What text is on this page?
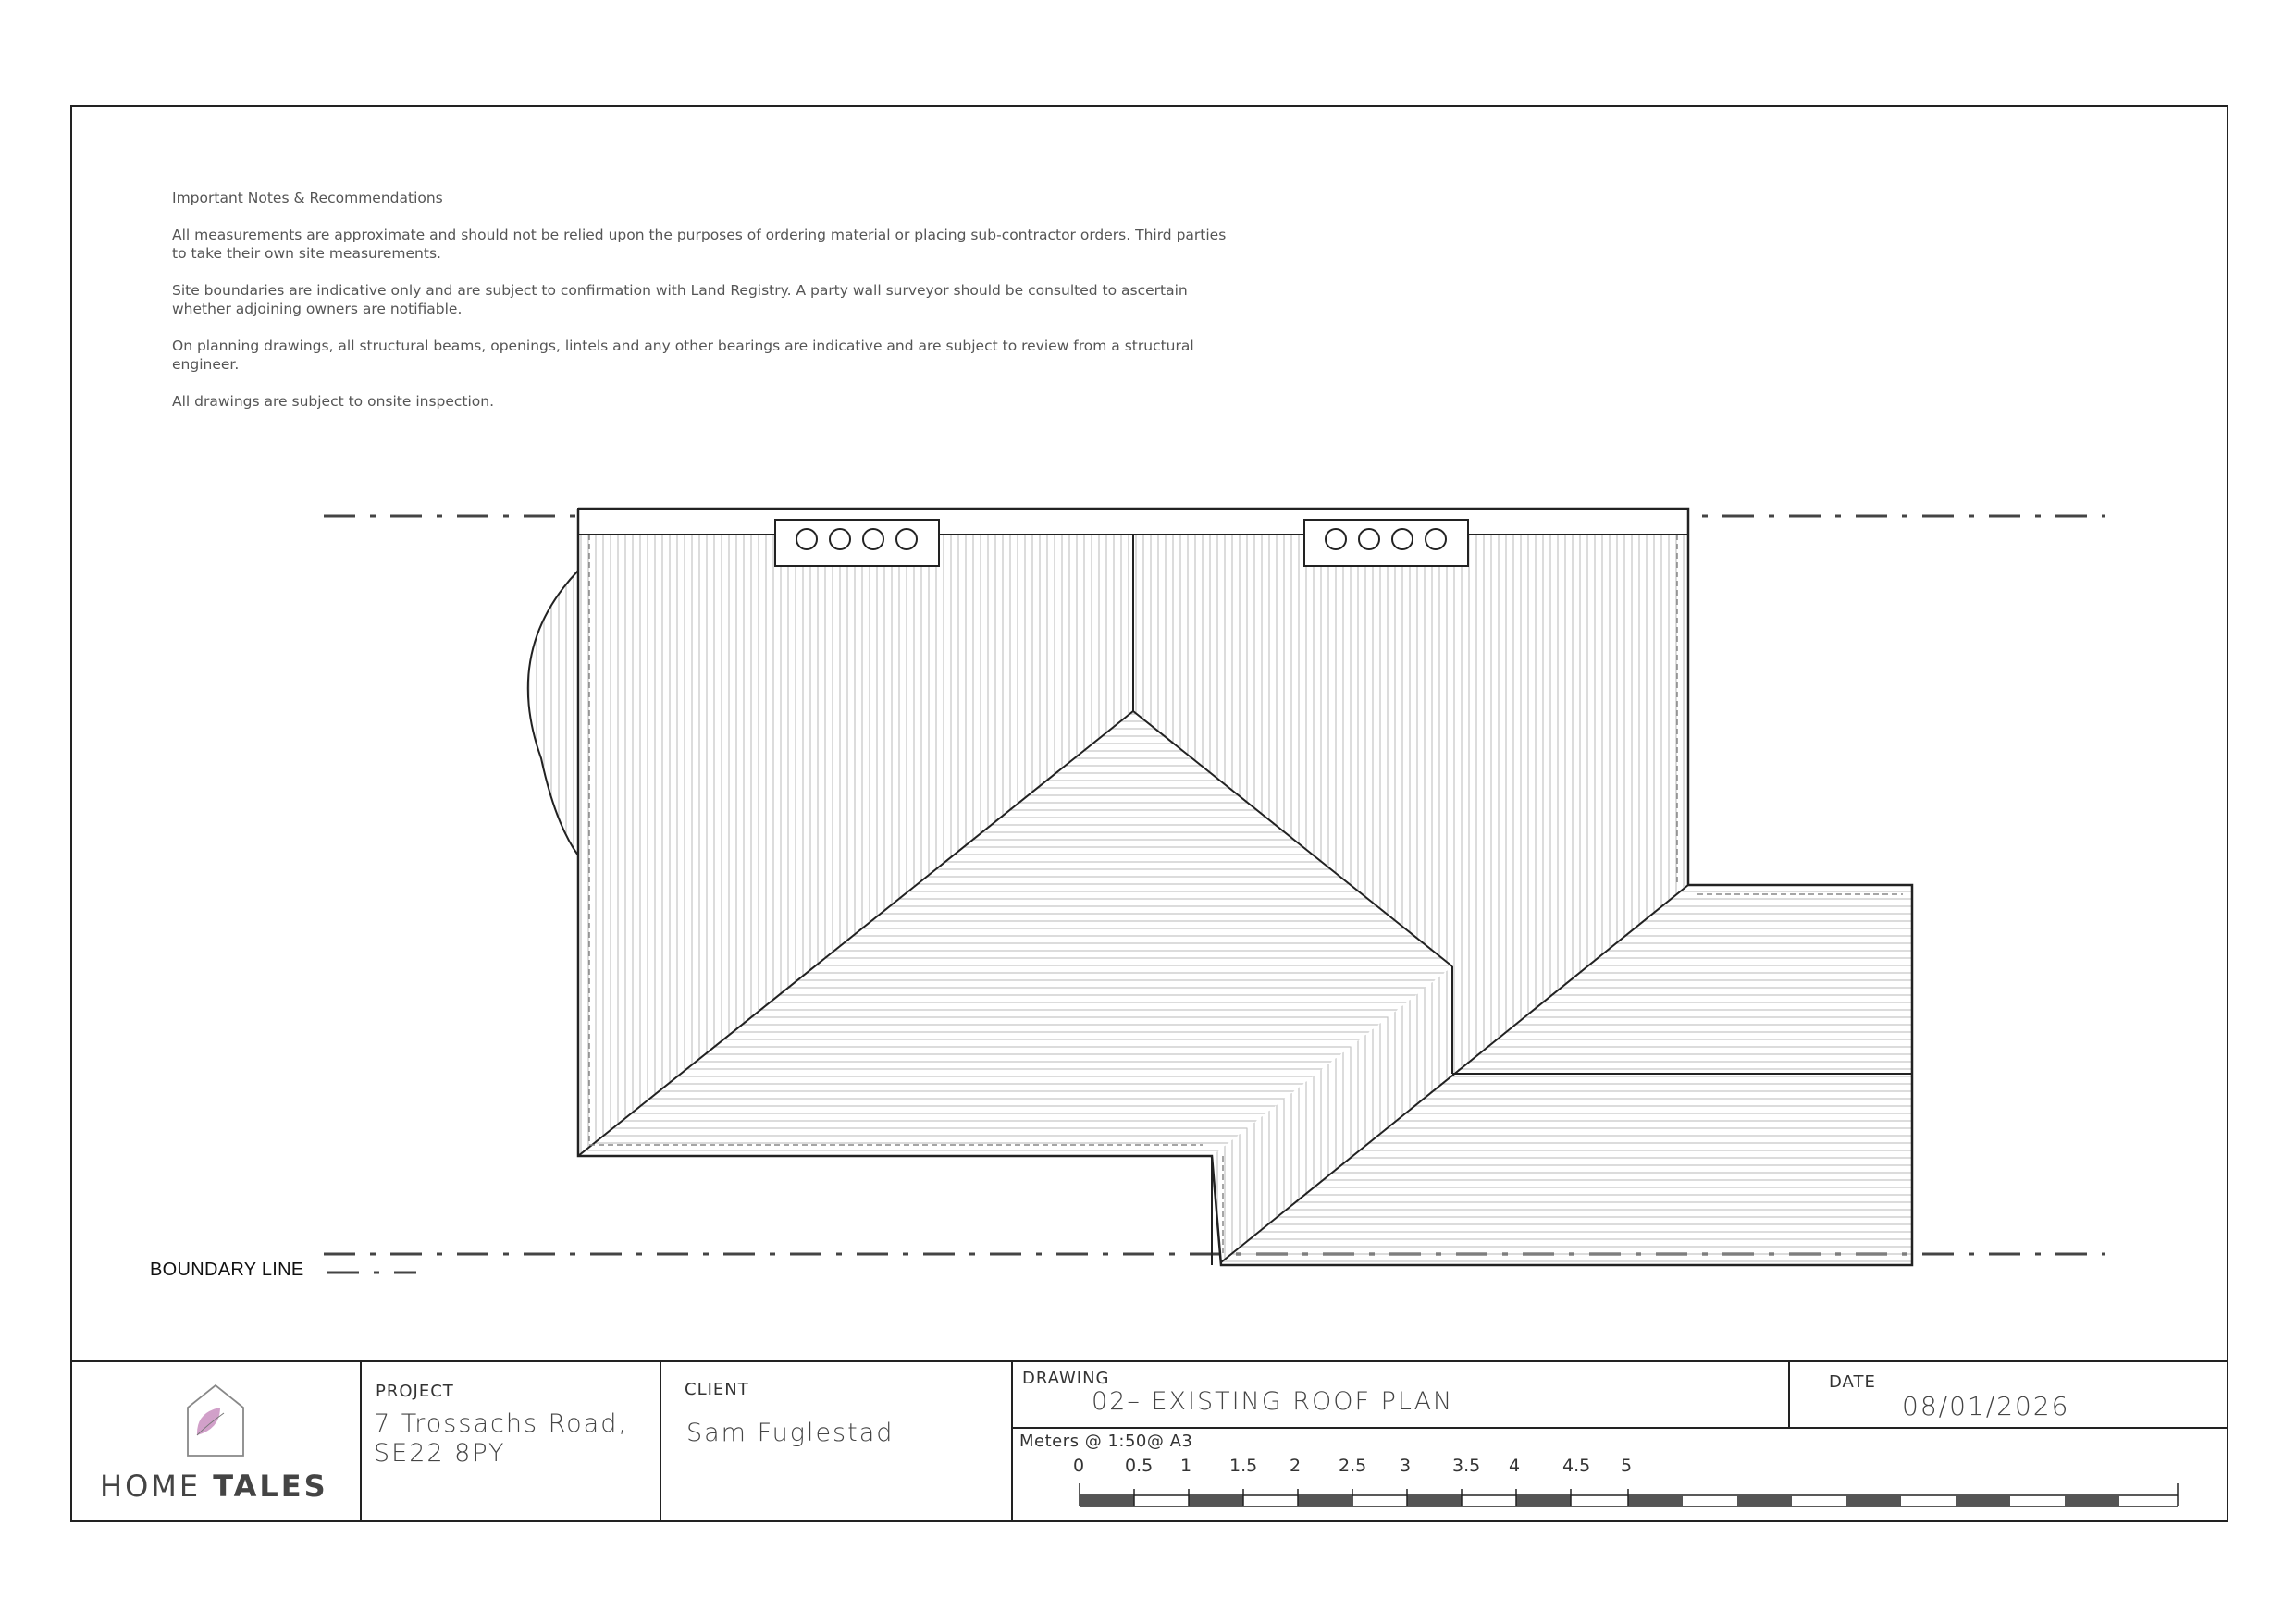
Important Notes & Recommendations

All measurements are approximate and should not be relied upon the purposes of ordering material or placing sub-contractor orders. Third parties to take their own site measurements.

Site boundaries are indicative only and are subject to confirmation with Land Registry. A party wall surveyor should be consulted to ascertain whether adjoining owners are notifiable.

On planning drawings, all structural beams, openings, lintels and any other bearings are indicative and are subject to review from a structural engineer.

All drawings are subject to onsite inspection.

BOUNDARY LINE
HOME TALES
PROJECT
7 Trossachs Road,
SE22 8PY
CLIENT
Sam Fuglestad
DRAWING
02– EXISTING ROOF PLAN
DATE
08/01/2026
Meters @ 1:50@ A3
0 0.5 1 1.5 2 2.5 3 3.5 4 4.5 5
